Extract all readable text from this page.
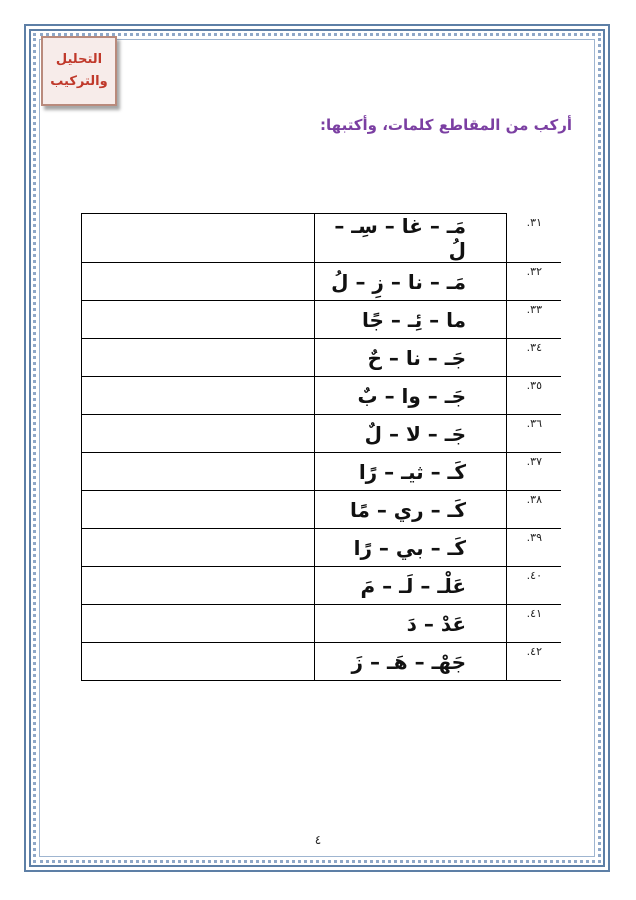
التحليل
والتركيب
أركب من المقاطع كلمات، وأكتبها:
	مَـ – غا – سِـ – لُ	٣١.
	مَـ – نا – زِ – لُ	٣٢.
	ما – ئِـ – جًا	٣٣.
	جَـ – نا – حٌ	٣٤.
	جَـ – وا – بٌ	٣٥.
	جَـ – لا – لٌ	٣٦.
	كَـ – ثيـ – رًا	٣٧.
	كَـ – ري – مًا	٣٨.
	كَـ – بي – رًا	٣٩.
	عَلْـ – لَـ – مَ	٤٠.
	عَدْ – دَ	٤١.
	جَهْـ – هَـ – زَ	٤٢.
٤
